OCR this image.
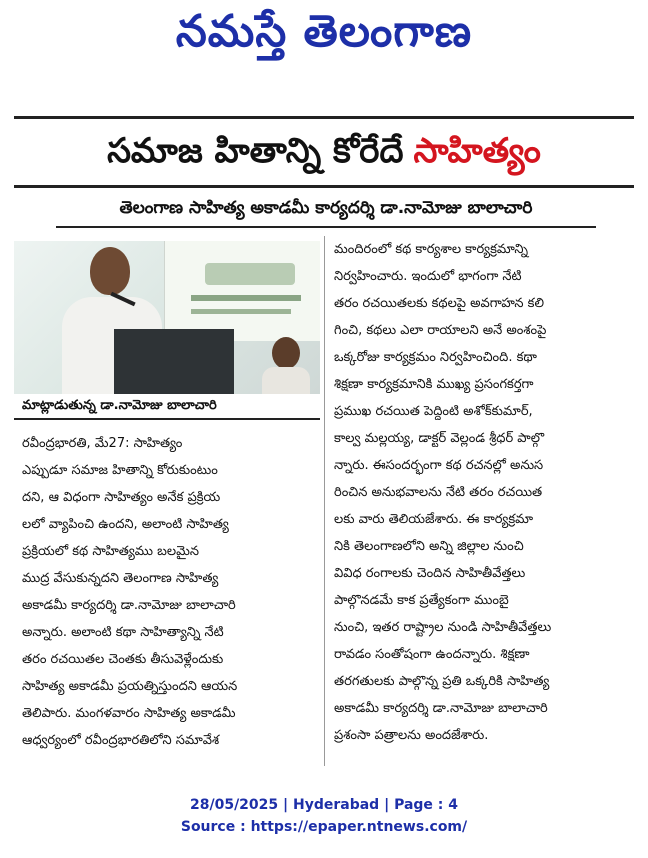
నమస్తే తెలంగాణ
సమాజ హితాన్ని కోరేదే సాహిత్యం
తెలంగాణ సాహిత్య అకాడమీ కార్యదర్శి డా.నామోజు బాలాచారి
మాట్లాడుతున్న డా.నామోజు బాలాచారి
రవీంద్రభారతి, మే27: సాహిత్యం
ఎప్పుడూ సమాజ హితాన్ని కోరుకుంటుం
దని, ఆ విధంగా సాహిత్యం అనేక ప్రక్రియ
లలో వ్యాపించి ఉందని, అలాంటి సాహిత్య
ప్రక్రియలో కథ సాహిత్యము బలమైన
ముద్ర వేసుకున్నదని తెలంగాణ సాహిత్య
అకాడమీ కార్యదర్శి డా.నామోజు బాలాచారి
అన్నారు. అలాంటి కథా సాహిత్యాన్ని నేటి
తరం రచయితల చెంతకు తీసువెళ్లేందుకు
సాహిత్య అకాడమీ ప్రయత్నిస్తుందని ఆయన
తెలిపారు. మంగళవారం సాహిత్య అకాడమీ
ఆధ్వర్యంలో రవీంద్రభారతిలోని సమావేశ
మందిరంలో కథ కార్యశాల కార్యక్రమాన్ని
నిర్వహించారు. ఇందులో భాగంగా నేటి
తరం రచయితలకు కథలపై అవగాహన కలి
గించి, కథలు ఎలా రాయాలని అనే అంశంపై
ఒక్కరోజు కార్యక్రమం నిర్వహించింది. కథా
శిక్షణా కార్యక్రమానికి ముఖ్య ప్రసంగకర్తగా
ప్రముఖ రచయిత పెద్దింటి అశోక్‌కుమార్,
కాల్వ మల్లయ్య, డాక్టర్ వెల్లండ శ్రీధర్ పాల్గొ
న్నారు. ఈసందర్భంగా కథ రచనల్లో అనుస
రించిన అనుభవాలను నేటి తరం రచయిత
లకు వారు తెలియజేశారు. ఈ కార్యక్రమా
నికి తెలంగాణలోని అన్ని జిల్లాల నుంచి
వివిధ రంగాలకు చెందిన సాహితీవేత్తలు
పాల్గొనడమే కాక ప్రత్యేకంగా ముంబై
నుంచి, ఇతర రాష్ట్రాల నుండి సాహితీవేత్తలు
రావడం సంతోషంగా ఉందన్నారు. శిక్షణా
తరగతులకు పాల్గొన్న ప్రతి ఒక్కరికి సాహిత్య
అకాడమీ కార్యదర్శి డా.నామోజు బాలాచారి
ప్రశంసా పత్రాలను అందజేశారు.
28/05/2025 | Hyderabad | Page : 4
Source : https://epaper.ntnews.com/
